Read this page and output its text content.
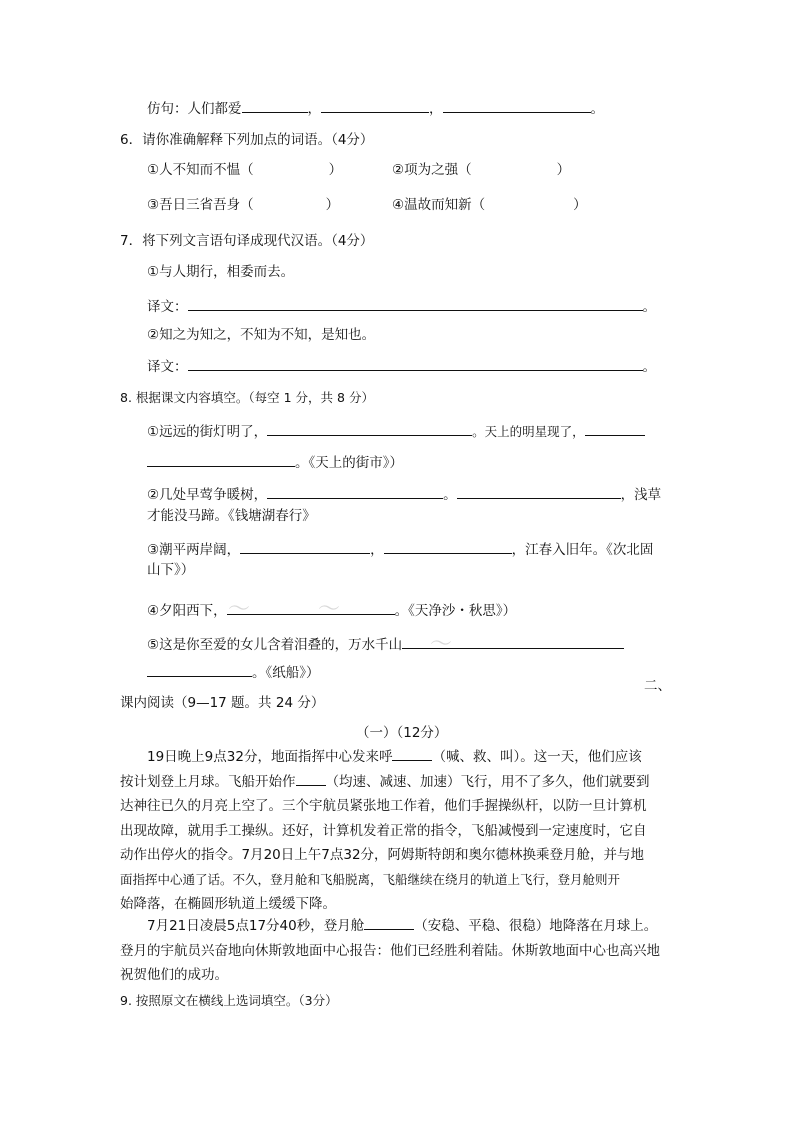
仿句：人们都爱	，	，	。
6．请你准确解释下列加点的词语。（4分）
①人不知而不愠（	）	②项为之强（	）
③吾日三省吾身（	）	④温故而知新（	）
7．将下列文言语句译成现代汉语。（4分）
①与人期行，相委而去。
译文：	。
②知之为知之，不知为不知，是知也。
译文：	。
8. 根据课文内容填空。（每空 1 分，共 8 分）
①远远的街灯明了，	。天上的明星现了，
。《天上的街市》）
②几处早莺争暖树，	。	，浅草
才能没马蹄。《钱塘湖春行》
③潮平两岸阔，	，	，江春入旧年。《次北固
山下》）
〜	〜
〜
④夕阳西下，	。《天净沙・秋思》）
⑤这是你至爱的女儿含着泪叠的，万水千山
。《纸船》）
二、
课内阅读（9—17 题。共 24 分）
（一）（12分）
19日晚上9点32分，地面指挥中心发来呼	（喊、救、叫）。这一天，他们应该
按计划登上月球。飞船开始作 （均速、减速、加速）飞行，用不了多久，他们就要到
达神往已久的月亮上空了。三个宇航员紧张地工作着，他们手握操纵杆，以防一旦计算机
出现故障，就用手工操纵。还好，计算机发着正常的指令，飞船减慢到一定速度时，它自
动作出停火的指令。7月20日上午7点32分，阿姆斯特朗和奥尔德林换乘登月舱，并与地
面指挥中心通了话。不久，登月舱和飞船脱离，飞船继续在绕月的轨道上飞行，登月舱则开
始降落，在椭圆形轨道上缓缓下降。
7月21日凌晨5点17分40秒，登月舱	（安稳、平稳、很稳）地降落在月球上。
登月的宇航员兴奋地向休斯敦地面中心报告：他们已经胜利着陆。休斯敦地面中心也高兴地
祝贺他们的成功。
9. 按照原文在横线上选词填空。（3分）
